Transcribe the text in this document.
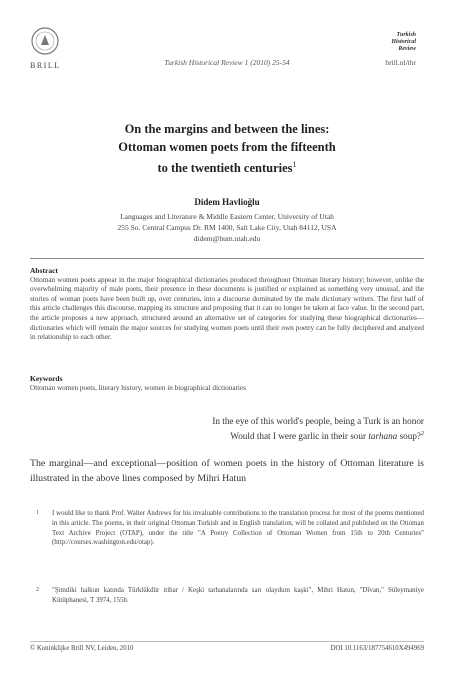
BRILL	Turkish Historical Review 1 (2010) 25-54
Turkish
Historical
Review
brill.nl/thr
On the margins and between the lines:
Ottoman women poets from the fifteenth
to the twentieth centuries$^1$
Didem Havlioğlu
Languages and Literature & Middle Eastern Center, University of Utah
255 So. Central Campus Dr. RM 1400, Salt Lake City, Utah 84112, USA
didem@hum.utah.edu
Abstract
Ottoman women poets appear in the major biographical dictionaries produced throughout Ottoman literary history; however, unlike the overwhelming majority of male poets, their presence in these documents is justified or explained as something very unusual, and the stories of woman poets have been built up, over centuries, into a discourse dominated by the male dictionary writers. The first half of this article challenges this discourse, mapping its structure and proposing that it can no longer be taken at face value. In the second part, the article proposes a new approach, structured around an alternative set of categories for studying these biographical dictionaries—dictionaries which will remain the major sources for studying women poets until their own poetry can be fully deciphered and analyzed in relationship to each other.
Keywords
Ottoman women poets, literary history, women in biographical dictionaries
In the eye of this world's people, being a Turk is an honor
Would that I were garlic in their sour tarhana soup?$^2$
The marginal—and exceptional—position of women poets in the history of Ottoman literature is illustrated in the above lines composed by Mihri Hatun
1 I would like to thank Prof. Walter Andrews for his invaluable contributions to the translation process for most of the poems mentioned in this article. The poems, in their original Ottoman Turkish and in English translation, will be collated and published on the Ottoman Text Archive Project (OTAP), under the title "A Poetry Collection of Ottoman Women from 15th to 20th Centuries" (http://courses.washington.edu/otap).
2 "Şimdiki halkun katında Türklükdür itibar / Keşki tarhanalarında sarı olaydum kaşki", Mihri Hatun, "Dîvan," Süleymaniye Kütüphanesi, T 3974, 155b.
© Koninklijke Brill NV, Leiden, 2010	DOI 10.1163/187754610X494969
